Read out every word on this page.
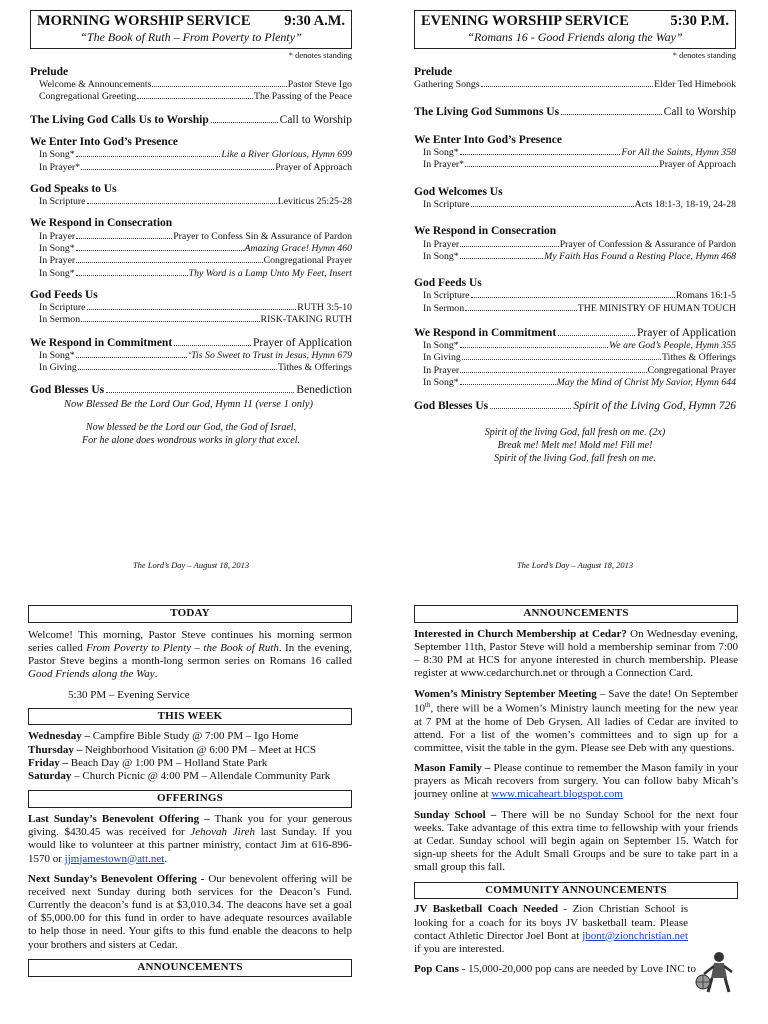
MORNING WORSHIP SERVICE 9:30 A.M.
“The Book of Ruth – From Poverty to Plenty”
* denotes standing
Prelude
Welcome & Announcements	Pastor Steve Igo
Congregational Greeting	The Passing of the Peace
The Living God Calls Us to Worship	Call to Worship
We Enter Into God’s Presence
In Song*	Like a River Glorious, Hymn 699
In Prayer*	Prayer of Approach
God Speaks to Us
In Scripture	Leviticus 25:25-28
We Respond in Consecration
In Prayer	Prayer to Confess Sin & Assurance of Pardon
In Song*	Amazing Grace! Hymn 460
In Prayer	Congregational Prayer
In Song*	Thy Word is a Lamp Unto My Feet, Insert
God Feeds Us
In Scripture	RUTH 3:5-10
In Sermon	RISK-TAKING RUTH
We Respond in Commitment	Prayer of Application
In Song*	‘Tis So Sweet to Trust in Jesus, Hymn 679
In Giving	Tithes & Offerings
God Blesses Us	Benediction
Now Blessed Be the Lord Our God, Hymn 11 (verse 1 only)
Now blessed be the Lord our God, the God of Israel,
For he alone does wondrous works in glory that excel.
The Lord’s Day – August 18, 2013
EVENING WORSHIP SERVICE	5:30 P.M.
“Romans 16 - Good Friends along the Way”
* denotes standing
Prelude
Gathering Songs	Elder Ted Himebook
The Living God Summons Us	Call to Worship
We Enter Into God’s Presence
In Song*	For All the Saints, Hymn 358
In Prayer*	Prayer of Approach
God Welcomes Us
In Scripture	Acts 18:1-3, 18-19, 24-28
We Respond in Consecration
In Prayer	Prayer of Confession & Assurance of Pardon
In Song*	My Faith Has Found a Resting Place, Hymn 468
God Feeds Us
In Scripture	Romans 16:1-5
In Sermon	THE MINISTRY OF HUMAN TOUCH
We Respond in Commitment	Prayer of Application
In Song*	We are God’s People, Hymn 355
In Giving	Tithes & Offerings
In Prayer	Congregational Prayer
In Song*	May the Mind of Christ My Savior, Hymn 644
God Blesses Us	Spirit of the Living God, Hymn 726
Spirit of the living God, fall fresh on me. (2x)
Break me! Melt me! Mold me! Fill me!
Spirit of the living God, fall fresh on me.
The Lord’s Day – August 18, 2013
TODAY
Welcome! This morning, Pastor Steve continues his morning sermon series called From Poverty to Plenty – the Book of Ruth. In the evening, Pastor Steve begins a month-long sermon series on Romans 16 called Good Friends along the Way.
5:30 PM – Evening Service
THIS WEEK
Wednesday – Campfire Bible Study @ 7:00 PM – Igo Home
Thursday – Neighborhood Visitation @ 6:00 PM – Meet at HCS
Friday – Beach Day @ 1:00 PM – Holland State Park
Saturday – Church Picnic @ 4:00 PM – Allendale Community Park
OFFERINGS
Last Sunday’s Benevolent Offering – Thank you for your generous giving. $430.45 was received for Jehovah Jireh last Sunday. If you would like to volunteer at this partner ministry, contact Jim at 616-896-1570 or jjmjamestown@att.net.
Next Sunday’s Benevolent Offering - Our benevolent offering will be received next Sunday during both services for the Deacon’s Fund. Currently the deacon’s fund is at $3,010.34. The deacons have set a goal of $5,000.00 for this fund in order to have adequate resources available to help those in need. Your gifts to this fund enable the deacons to help your brothers and sisters at Cedar.
ANNOUNCEMENTS
ANNOUNCEMENTS
Interested in Church Membership at Cedar? On Wednesday evening, September 11th, Pastor Steve will hold a membership seminar from 7:00 – 8:30 PM at HCS for anyone interested in church membership. Please register at www.cedarchurch.net or through a Connection Card.
Women’s Ministry September Meeting – Save the date! On September 10th, there will be a Women’s Ministry launch meeting for the new year at 7 PM at the home of Deb Grysen. All ladies of Cedar are invited to attend. For a list of the women’s committees and to sign up for a committee, visit the table in the gym. Please see Deb with any questions.
Mason Family – Please continue to remember the Mason family in your prayers as Micah recovers from surgery. You can follow baby Micah’s journey online at www.micaheart.blogspot.com
Sunday School – There will be no Sunday School for the next four weeks. Take advantage of this extra time to fellowship with your friends at Cedar. Sunday school will begin again on September 15. Watch for sign-up sheets for the Adult Small Groups and be sure to take part in a small group this fall.
COMMUNITY ANNOUNCEMENTS
JV Basketball Coach Needed - Zion Christian School is looking for a coach for its boys JV basketball team. Please contact Athletic Director Joel Bont at jbont@zionchristian.net if you are interested.
Pop Cans - 15,000-20,000 pop cans are needed by Love INC to
